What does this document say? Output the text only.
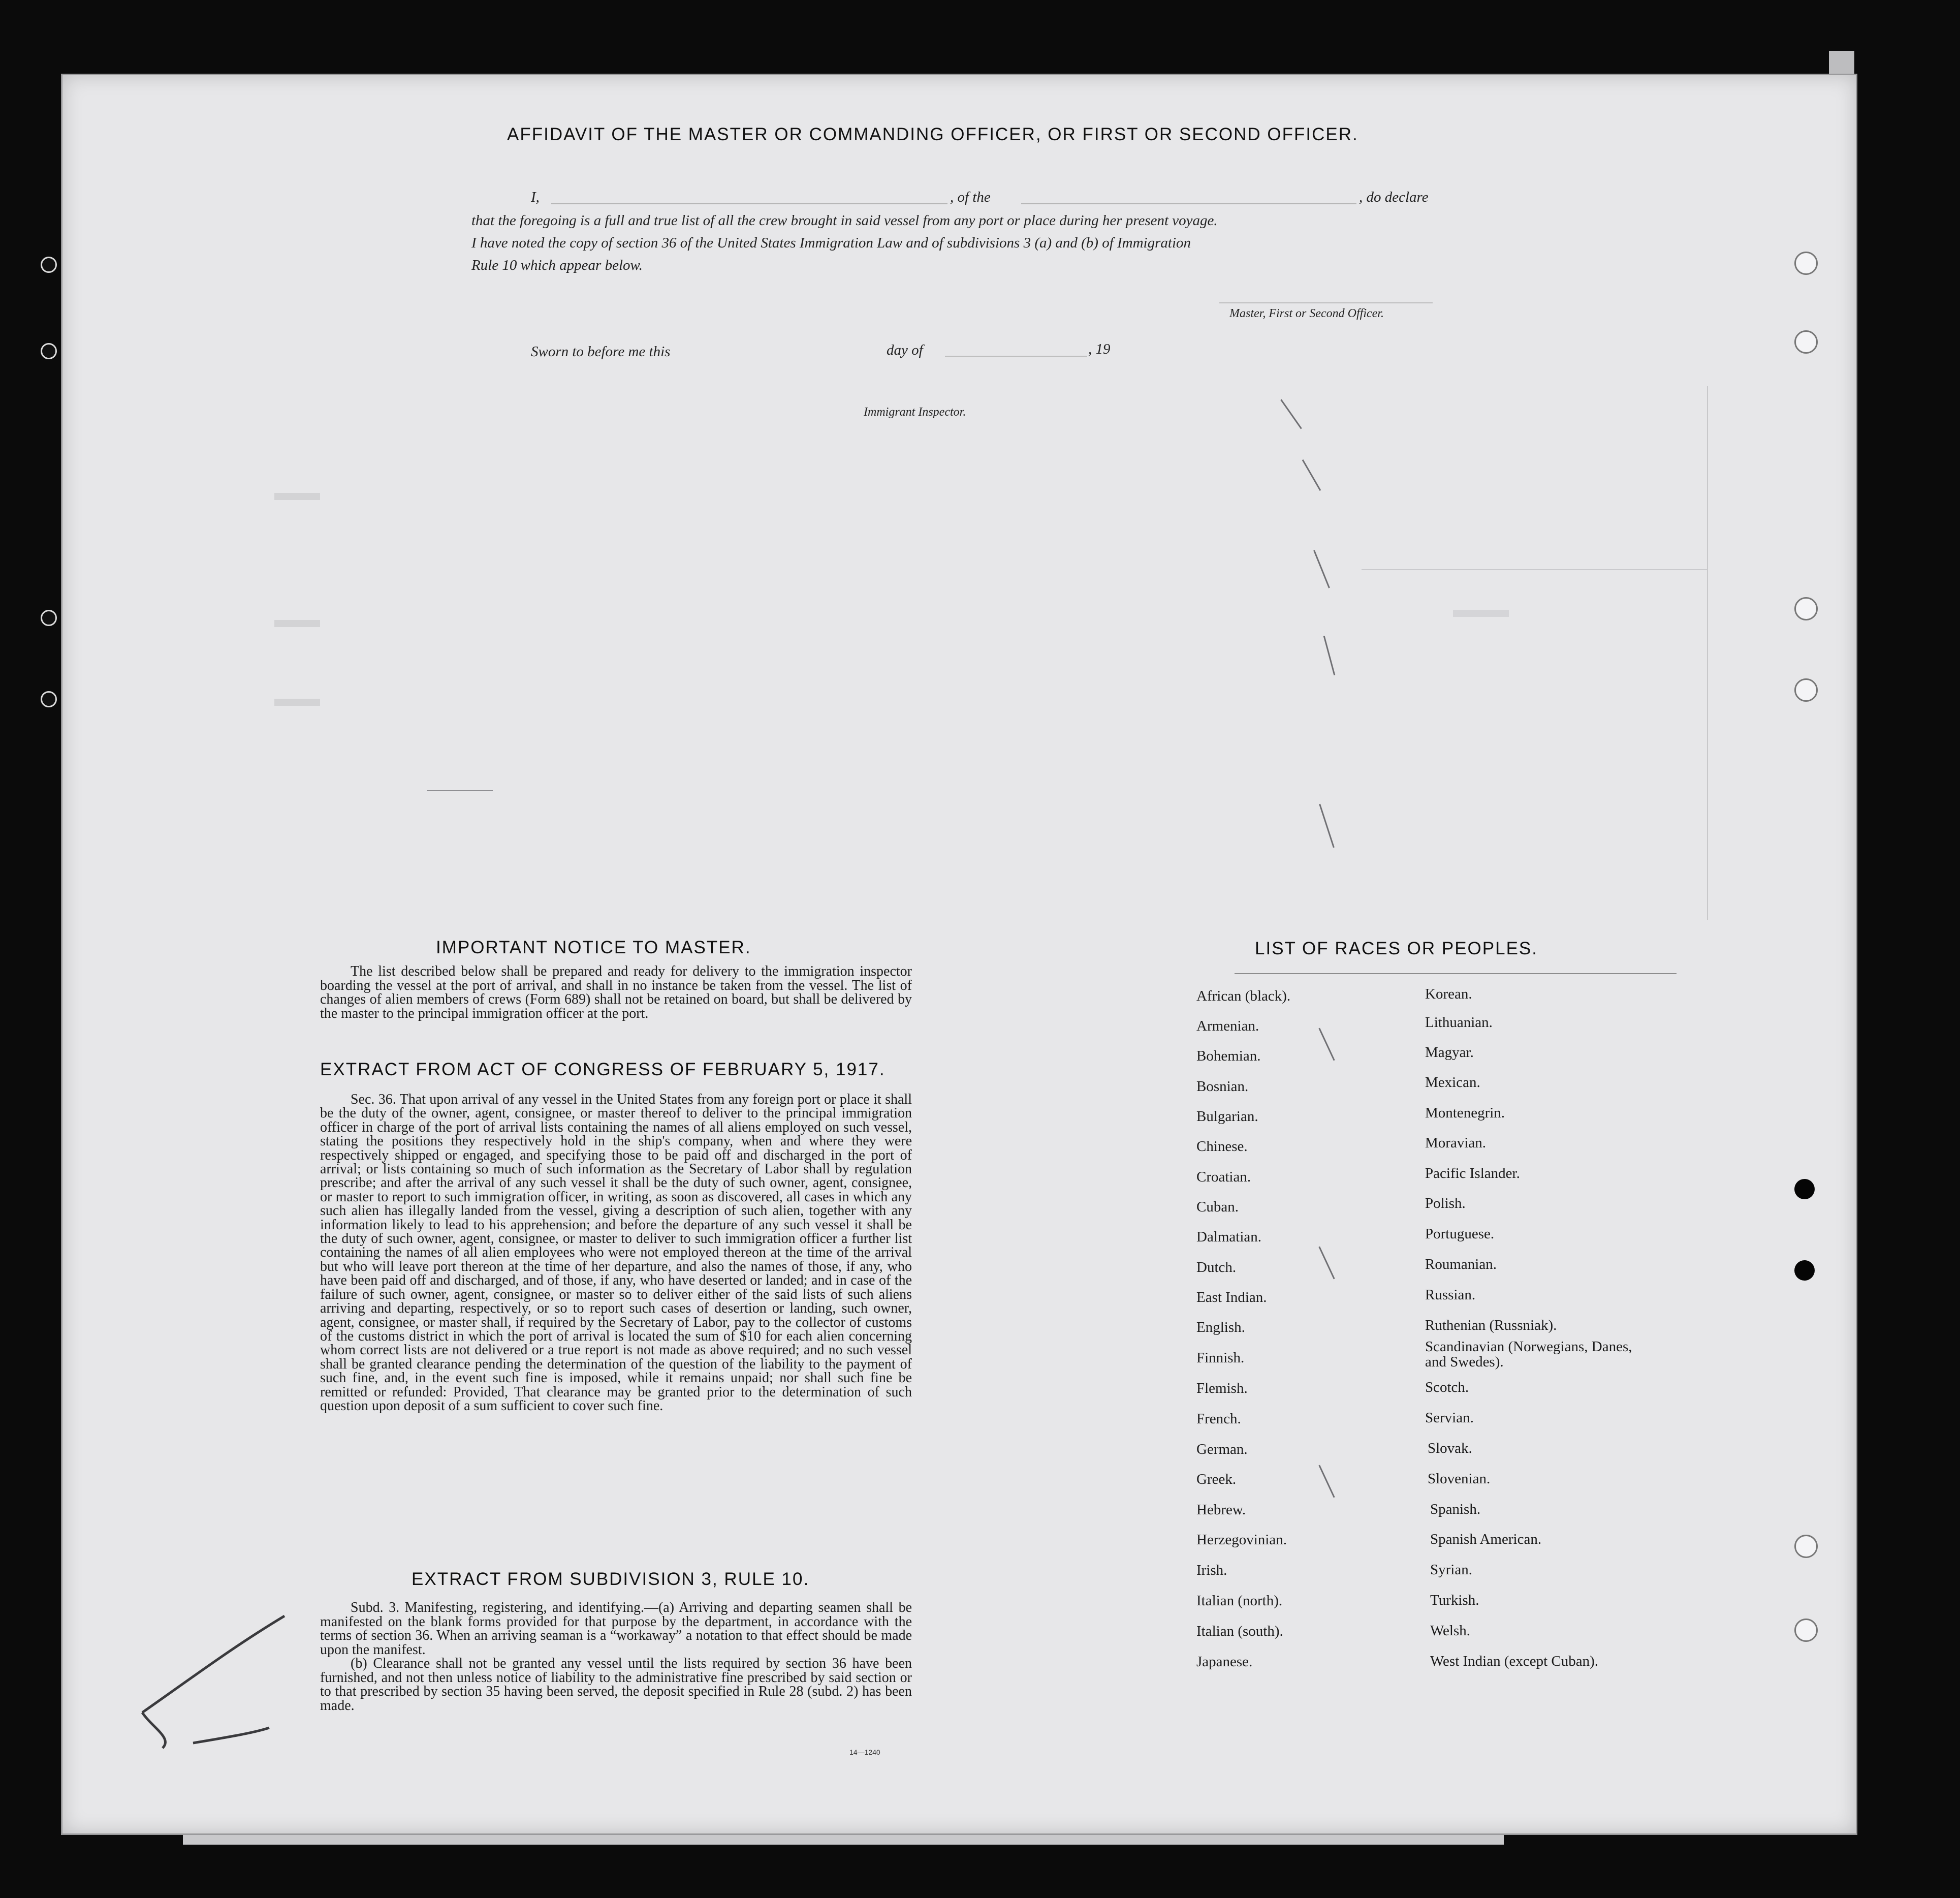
AFFIDAVIT OF THE MASTER OR COMMANDING OFFICER, OR FIRST OR SECOND OFFICER.
I,	, of the	, do declare
that the foregoing is a full and true list of all the crew brought in said vessel from any port or place during her present voyage.
I have noted the copy of section 36 of the United States Immigration Law and of subdivisions 3 (a) and (b) of Immigration
Rule 10 which appear below.
Master, First or Second Officer.
Sworn to before me this	day of	, 19
Immigrant Inspector.
IMPORTANT NOTICE TO MASTER.

The list described below shall be prepared and ready for delivery to the immigration inspector boarding the vessel at the port of arrival, and shall in no instance be taken from the vessel. The list of changes of alien members of crews (Form 689) shall not be retained on board, but shall be delivered by the master to the principal immigration officer at the port.

EXTRACT FROM ACT OF CONGRESS OF FEBRUARY 5, 1917.

Sec. 36. That upon arrival of any vessel in the United States from any foreign port or place it shall be the duty of the owner, agent, consignee, or master thereof to deliver to the principal immigration officer in charge of the port of arrival lists containing the names of all aliens employed on such vessel, stating the positions they respectively hold in the ship's company, when and where they were respectively shipped or engaged, and specifying those to be paid off and discharged in the port of arrival; or lists containing so much of such information as the Secretary of Labor shall by regulation prescribe; and after the arrival of any such vessel it shall be the duty of such owner, agent, consignee, or master to report to such immigration officer, in writing, as soon as discovered, all cases in which any such alien has illegally landed from the vessel, giving a description of such alien, together with any information likely to lead to his apprehension; and before the departure of any such vessel it shall be the duty of such owner, agent, consignee, or master to deliver to such immigration officer a further list containing the names of all alien employees who were not employed thereon at the time of the arrival but who will leave port thereon at the time of her departure, and also the names of those, if any, who have been paid off and discharged, and of those, if any, who have deserted or landed; and in case of the failure of such owner, agent, consignee, or master so to deliver either of the said lists of such aliens arriving and departing, respectively, or so to report such cases of desertion or landing, such owner, agent, consignee, or master shall, if required by the Secretary of Labor, pay to the collector of customs of the customs district in which the port of arrival is located the sum of $10 for each alien concerning whom correct lists are not delivered or a true report is not made as above required; and no such vessel shall be granted clearance pending the determination of the question of the liability to the payment of such fine, and, in the event such fine is imposed, while it remains unpaid; nor shall such fine be remitted or refunded: Provided, That clearance may be granted prior to the determination of such question upon deposit of a sum sufficient to cover such fine.

EXTRACT FROM SUBDIVISION 3, RULE 10.

Subd. 3. Manifesting, registering, and identifying.—(a) Arriving and departing seamen shall be manifested on the blank forms provided for that purpose by the department, in accordance with the terms of section 36. When an arriving seaman is a “workaway” a notation to that effect should be made upon the manifest.

(b) Clearance shall not be granted any vessel until the lists required by section 36 have been furnished, and not then unless notice of liability to the administrative fine prescribed by said section or to that prescribed by section 35 having been served, the deposit specified in Rule 28 (subd. 2) has been made.

14—1240
LIST OF RACES OR PEOPLES.
African (black).
Armenian.
Bohemian.
Bosnian.
Bulgarian.
Chinese.
Croatian.
Cuban.
Dalmatian.
Dutch.
East Indian.
English.
Finnish.
Flemish.
French.
German.
Greek.
Hebrew.
Herzegovinian.
Irish.
Italian (north).
Italian (south).
Japanese.
Korean.
Lithuanian.
Magyar.
Mexican.
Montenegrin.
Moravian.
Pacific Islander.
Polish.
Portuguese.
Roumanian.
Russian.
Ruthenian (Russniak).
Scandinavian (Norwegians, Danes, and Swedes).
Scotch.
Servian.
Slovak.
Slovenian.
Spanish.
Spanish American.
Syrian.
Turkish.
Welsh.
West Indian (except Cuban).
